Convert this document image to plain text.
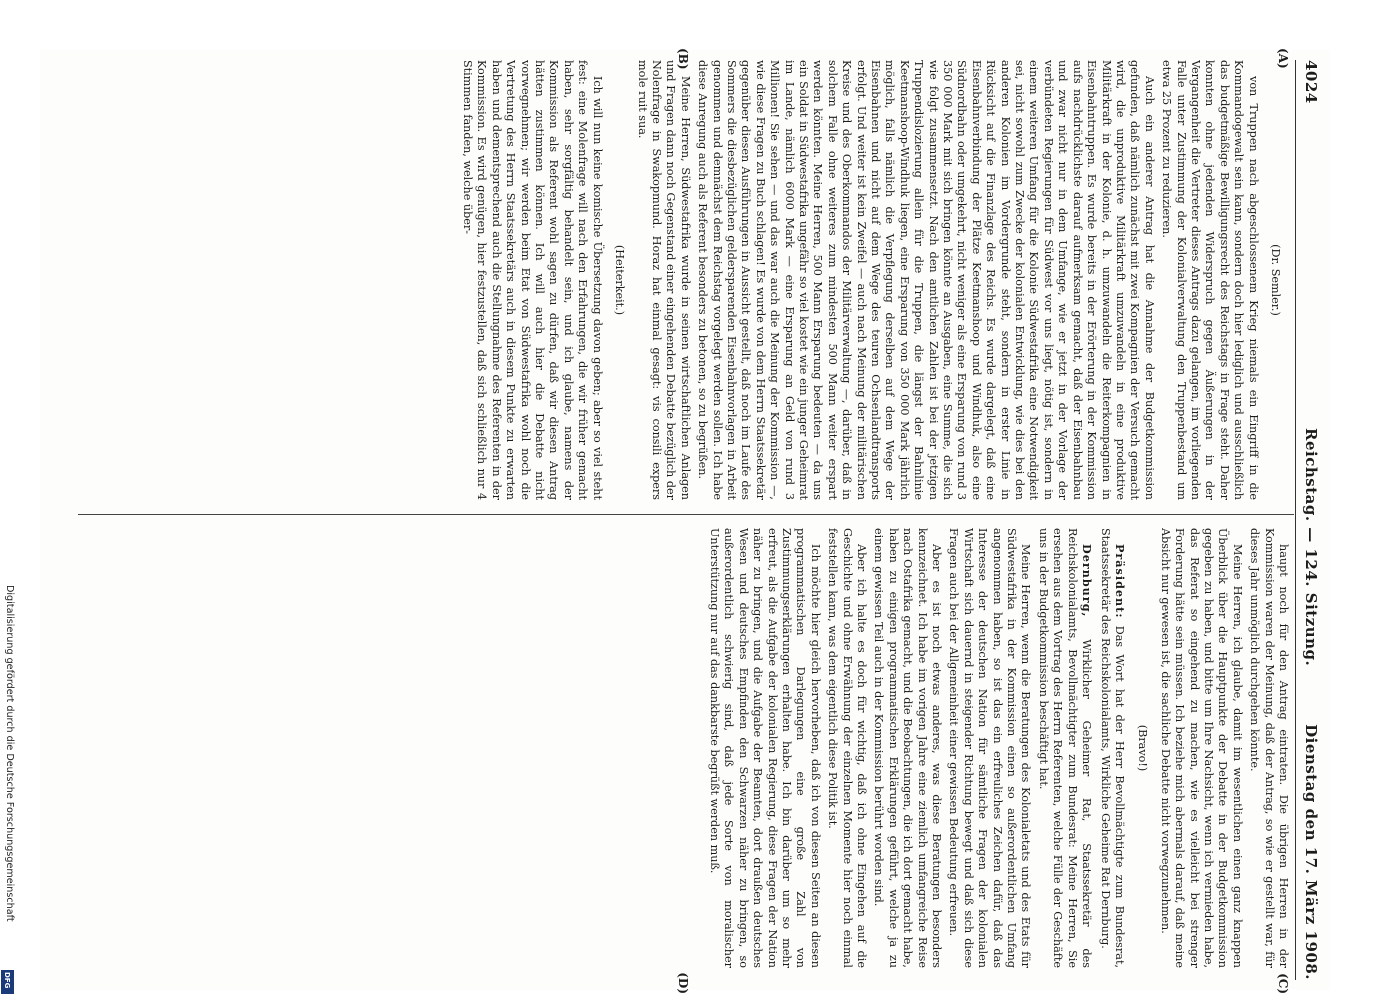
4024
Reichstag. — 124. Sitzung.
Dienstag den 17. März 1908.
(A)
(B)
(C)
(D)

(Dr. Semler.)

von Truppen nach abgeschlossenem Krieg niemals ein Eingriff in die Kommandogewalt sein kann, sondern doch hier lediglich und ausschließlich das budgetmäßige Bewilligungsrecht des Reichstags in Frage steht. Daher konnten ohne jedenden Widerspruch gegen Äußerungen in der Vergangenheit die Vertreter dieses Antrags dazu gelangen, im vorliegenden Falle unter Zustimmung der Kolonialverwaltung den Truppenbestand um etwa 25 Prozent zu reduzieren.

Auch ein anderer Antrag hat die Annahme der Budgetkommission gefunden, daß nämlich zunächst mit zwei Kompagnien der Versuch gemacht wird, die unproduktive Militärkraft umzuwandeln in eine produktive Militärkraft in der Kolonie, d. h. umzuwandeln die Reiterkompagnien in Eisenbahntruppen. Es wurde bereits in der Erörterung in der Kommission aufs nachdrücklichste darauf aufmerksam gemacht, daß der Eisenbahnbau und zwar nicht nur in dem Umfange, wie er jetzt in der Vorlage der verbündeten Regierungen für Südwest vor uns liegt, nötig ist, sondern in einem weiteren Umfang für die Kolonie Südwestafrika eine Notwendigkeit sei, nicht sowohl zum Zwecke der kolonialen Entwicklung, wie dies bei den anderen Kolonien im Vordergrunde steht, sondern in erster Linie in Rücksicht auf die Finanzlage des Reichs. Es wurde dargelegt, daß eine Eisenbahnverbindung der Plätze Keetmanshoop und Windhuk, also eine Südnordbahn oder umgekehrt, nicht weniger als eine Ersparung von rund 3 350 000 Mark mit sich bringen könnte an Ausgaben, eine Summe, die sich wie folgt zusammensetzt. Nach den amtlichen Zahlen ist bei der jetzigen Truppendislozierung allein für die Truppen, die längst der Bahnlinie Keetmanshoop-Windhuk liegen, eine Ersparung von 350 000 Mark jährlich möglich, falls nämlich die Verpflegung derselben auf dem Wege der Eisenbahnen und nicht auf dem Wege des teuren Ochsenlandtransports erfolgt. Und weiter ist kein Zweifel — auch nach Meinung der militärischen Kreise und des Oberkommandos der Militärverwaltung —, darüber, daß in solchem Falle ohne weiteres zum mindesten 500 Mann weiter erspart werden könnten. Meine Herren, 500 Mann Ersparung bedeuten — da uns ein Soldat in Südwestafrika ungefähr so viel kostet wie ein junger Geheimrat im Lande, nämlich 6000 Mark — eine Ersparung an Geld von rund 3 Millionen! Sie sehen — und das war auch die Meinung der Kommission —, wie diese Fragen zu Buch schlagen! Es wurde von dem Herrn Staatssekretär gegenüber diesen Ausführungen in Aussicht gestellt, daß noch im Laufe des Sommers die diesbezüglichen geldersparenden Eisenbahnvorlagen in Arbeit genommen und demnächst dem Reichstag vorgelegt werden sollen. Ich habe diese Anregung auch als Referent besonders zu betonen, so zu begrüßen.

Meine Herren, Südwestafrika wurde in seinen wirtschaftlichen Anlagen und Fragen dann noch Gegenstand einer eingehenden Debatte bezüglich der Nolenfrage in Swakopmund. Horaz hat einmal gesagt: vis consili expers mole ruit sua.

(Heiterkeit.)

Ich will nun keine komische Übersetzung davon geben; aber so viel steht fest: eine Molenfrage will nach den Erfahrungen, die wir früher gemacht haben, sehr sorgfältig behandelt sein, und ich glaube, namens der Kommission als Referent wohl sagen zu dürfen, daß wir diesen Antrag hätten zustimmen können. Ich will auch hier die Debatte nicht vorwegnehmen; wir werden beim Etat von Südwestafrika wohl noch die Vertretung des Herrn Staatssekretärs auch in diesem Punkte zu erwarten haben und dementsprechend auch die Stellungnahme des Referenten in der Kommission. Es wird genügen, hier festzustellen, daß sich schließlich nur 4 Stimmen fanden, welche über-

haupt noch für den Antrag eintraten. Die übrigen Herren in der Kommission waren der Meinung, daß der Antrag, so wie er gestellt war, für dieses Jahr unmöglich durchgehen könnte.

Meine Herren, ich glaube, damit im wesentlichen einen ganz knappen Überblick über die Hauptpunkte der Debatte in der Budgetkommission gegeben zu haben, und bitte um Ihre Nachsicht, wenn ich vermieden habe, das Referat so eingehend zu machen, wie es vielleicht bei strenger Forderung hätte sein müssen. Ich beziehe mich abermals darauf, daß meine Absicht nur gewesen ist, die sachliche Debatte nicht vorwegzunehmen.

(Bravo!)

Präsident: Das Wort hat der Herr Bevollmächtigte zum Bundesrat, Staatssekretär des Reichskolonialamts, Wirkliche Geheime Rat Dernburg.

Dernburg, Wirklicher Geheimer Rat, Staatssekretär des Reichskolonialamts, Bevollmächtigter zum Bundesrat: Meine Herren, Sie ersehen aus dem Vortrag des Herrn Referenten, welche Fülle der Geschäfte uns in der Budgetkommission beschäftigt hat.

Meine Herren, wenn die Beratungen des Kolonialetats und des Etats für Südwestafrika in der Kommission einen so außerordentlichen Umfang angenommen haben, so ist das ein erfreuliches Zeichen dafür, daß das Interesse der deutschen Nation für sämtliche Fragen der kolonialen Wirtschaft sich dauernd in steigender Richtung bewegt und daß sich diese Fragen auch bei der Allgemeinheit einer gewissen Bedeutung erfreuen.

Aber es ist noch etwas anderes, was diese Beratungen besonders kennzeichnet. Ich habe im vorigen Jahre eine ziemlich umfangreiche Reise nach Ostafrika gemacht, und die Beobachtungen, die ich dort gemacht habe, haben zu einigen programmatischen Erklärungen geführt, welche ja zu einem gewissen Teil auch in der Kommission berührt worden sind.

Aber ich halte es doch für wichtig, daß ich ohne Eingehen auf die Geschichte und ohne Erwähnung der einzelnen Momente hier noch einmal feststellen kann, was dem eigentlich diese Politik ist.

Ich möchte hier gleich hervorheben, daß ich von diesen Seiten an diesen programmatischen Darlegungen eine große Zahl von Zustimmungserklärungen erhalten habe. Ich bin darüber um so mehr erfreut, als die Aufgabe der kolonialen Regierung, diese Fragen der Nation näher zu bringen, und die Aufgabe der Beamten, dort draußen deutsches Wesen und deutsches Empfinden den Schwarzen näher zu bringen, so außerordentlich schwierig sind, daß jede Sorte von moralischer Unterstützung nur auf das dankbarste begrüßt werden muß.

Digitalisierung gefördert durch die Deutsche Forschungsgemeinschaft
DFG
